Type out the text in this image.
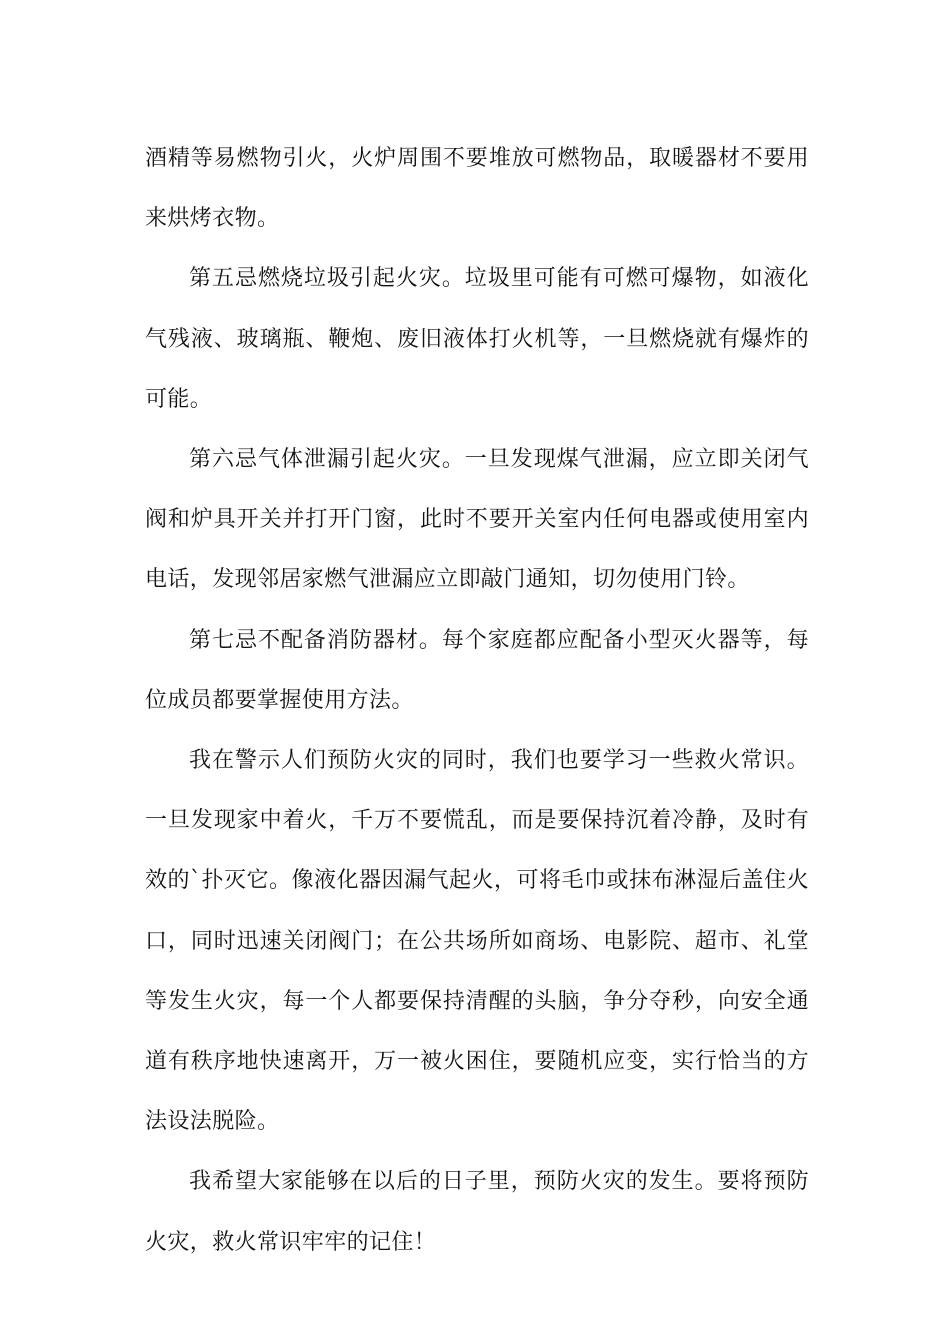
酒精等易燃物引火，火炉周围不要堆放可燃物品，取暖器材不要用来烘烤衣物。

第五忌燃烧垃圾引起火灾。垃圾里可能有可燃可爆物，如液化气残液、玻璃瓶、鞭炮、废旧液体打火机等，一旦燃烧就有爆炸的可能。

第六忌气体泄漏引起火灾。一旦发现煤气泄漏，应立即关闭气阀和炉具开关并打开门窗，此时不要开关室内任何电器或使用室内电话，发现邻居家燃气泄漏应立即敲门通知，切勿使用门铃。

第七忌不配备消防器材。每个家庭都应配备小型灭火器等，每位成员都要掌握使用方法。

我在警示人们预防火灾的同时，我们也要学习一些救火常识。一旦发现家中着火，千万不要慌乱，而是要保持沉着冷静，及时有效的`扑灭它。像液化器因漏气起火，可将毛巾或抹布淋湿后盖住火口，同时迅速关闭阀门；在公共场所如商场、电影院、超市、礼堂等发生火灾，每一个人都要保持清醒的头脑，争分夺秒，向安全通道有秩序地快速离开，万一被火困住，要随机应变，实行恰当的方法设法脱险。

我希望大家能够在以后的日子里，预防火灾的发生。要将预防火灾，救火常识牢牢的记住！
